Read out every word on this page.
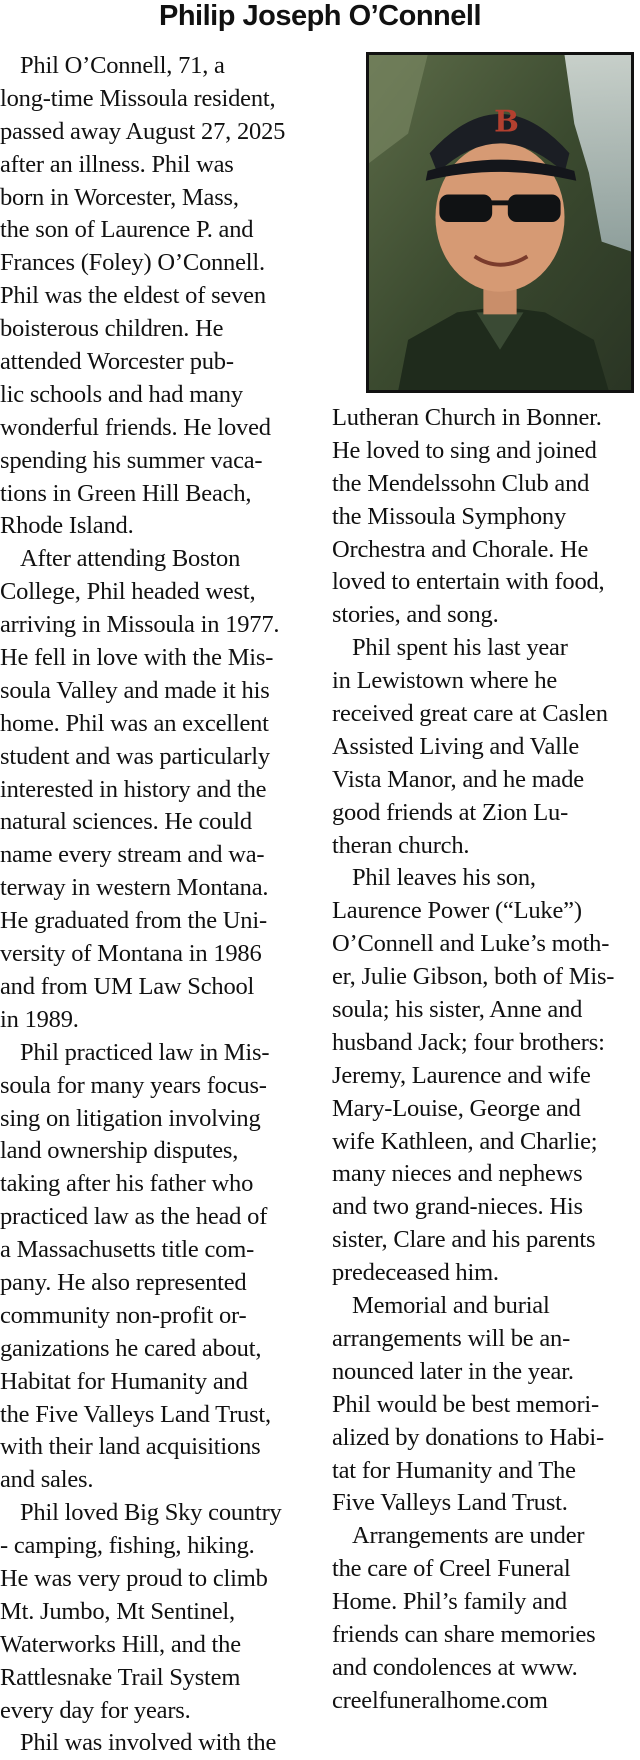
Philip Joseph O’Connell
Phil O’Connell, 71, a
long-time Missoula resident,
passed away August 27, 2025
after an illness. Phil was
born in Worcester, Mass,
the son of Laurence P. and
Frances (Foley) O’Connell.
Phil was the eldest of seven
boisterous children. He
attended Worcester pub-
lic schools and had many
wonderful friends. He loved
spending his summer vaca-
tions in Green Hill Beach,
Rhode Island.
After attending Boston
College, Phil headed west,
arriving in Missoula in 1977.
He fell in love with the Mis-
soula Valley and made it his
home. Phil was an excellent
student and was particularly
interested in history and the
natural sciences. He could
name every stream and wa-
terway in western Montana.
He graduated from the Uni-
versity of Montana in 1986
and from UM Law School
in 1989.
Phil practiced law in Mis-
soula for many years focus-
sing on litigation involving
land ownership disputes,
taking after his father who
practiced law as the head of
a Massachusetts title com-
pany. He also represented
community non-profit or-
ganizations he cared about,
Habitat for Humanity and
the Five Valleys Land Trust,
with their land acquisitions
and sales.
Phil loved Big Sky country
- camping, fishing, hiking.
He was very proud to climb
Mt. Jumbo, Mt Sentinel,
Waterworks Hill, and the
Rattlesnake Trail System
every day for years.
Phil was involved with the
B
Lutheran Church in Bonner.
He loved to sing and joined
the Mendelssohn Club and
the Missoula Symphony
Orchestra and Chorale. He
loved to entertain with food,
stories, and song.
Phil spent his last year
in Lewistown where he
received great care at Caslen
Assisted Living and Valle
Vista Manor, and he made
good friends at Zion Lu-
theran church.
Phil leaves his son,
Laurence Power (“Luke”)
O’Connell and Luke’s moth-
er, Julie Gibson, both of Mis-
soula; his sister, Anne and
husband Jack; four brothers:
Jeremy, Laurence and wife
Mary-Louise, George and
wife Kathleen, and Charlie;
many nieces and nephews
and two grand-nieces. His
sister, Clare and his parents
predeceased him.
Memorial and burial
arrangements will be an-
nounced later in the year.
Phil would be best memori-
alized by donations to Habi-
tat for Humanity and The
Five Valleys Land Trust.
Arrangements are under
the care of Creel Funeral
Home. Phil’s family and
friends can share memories
and condolences at www.
creelfuneralhome.com
